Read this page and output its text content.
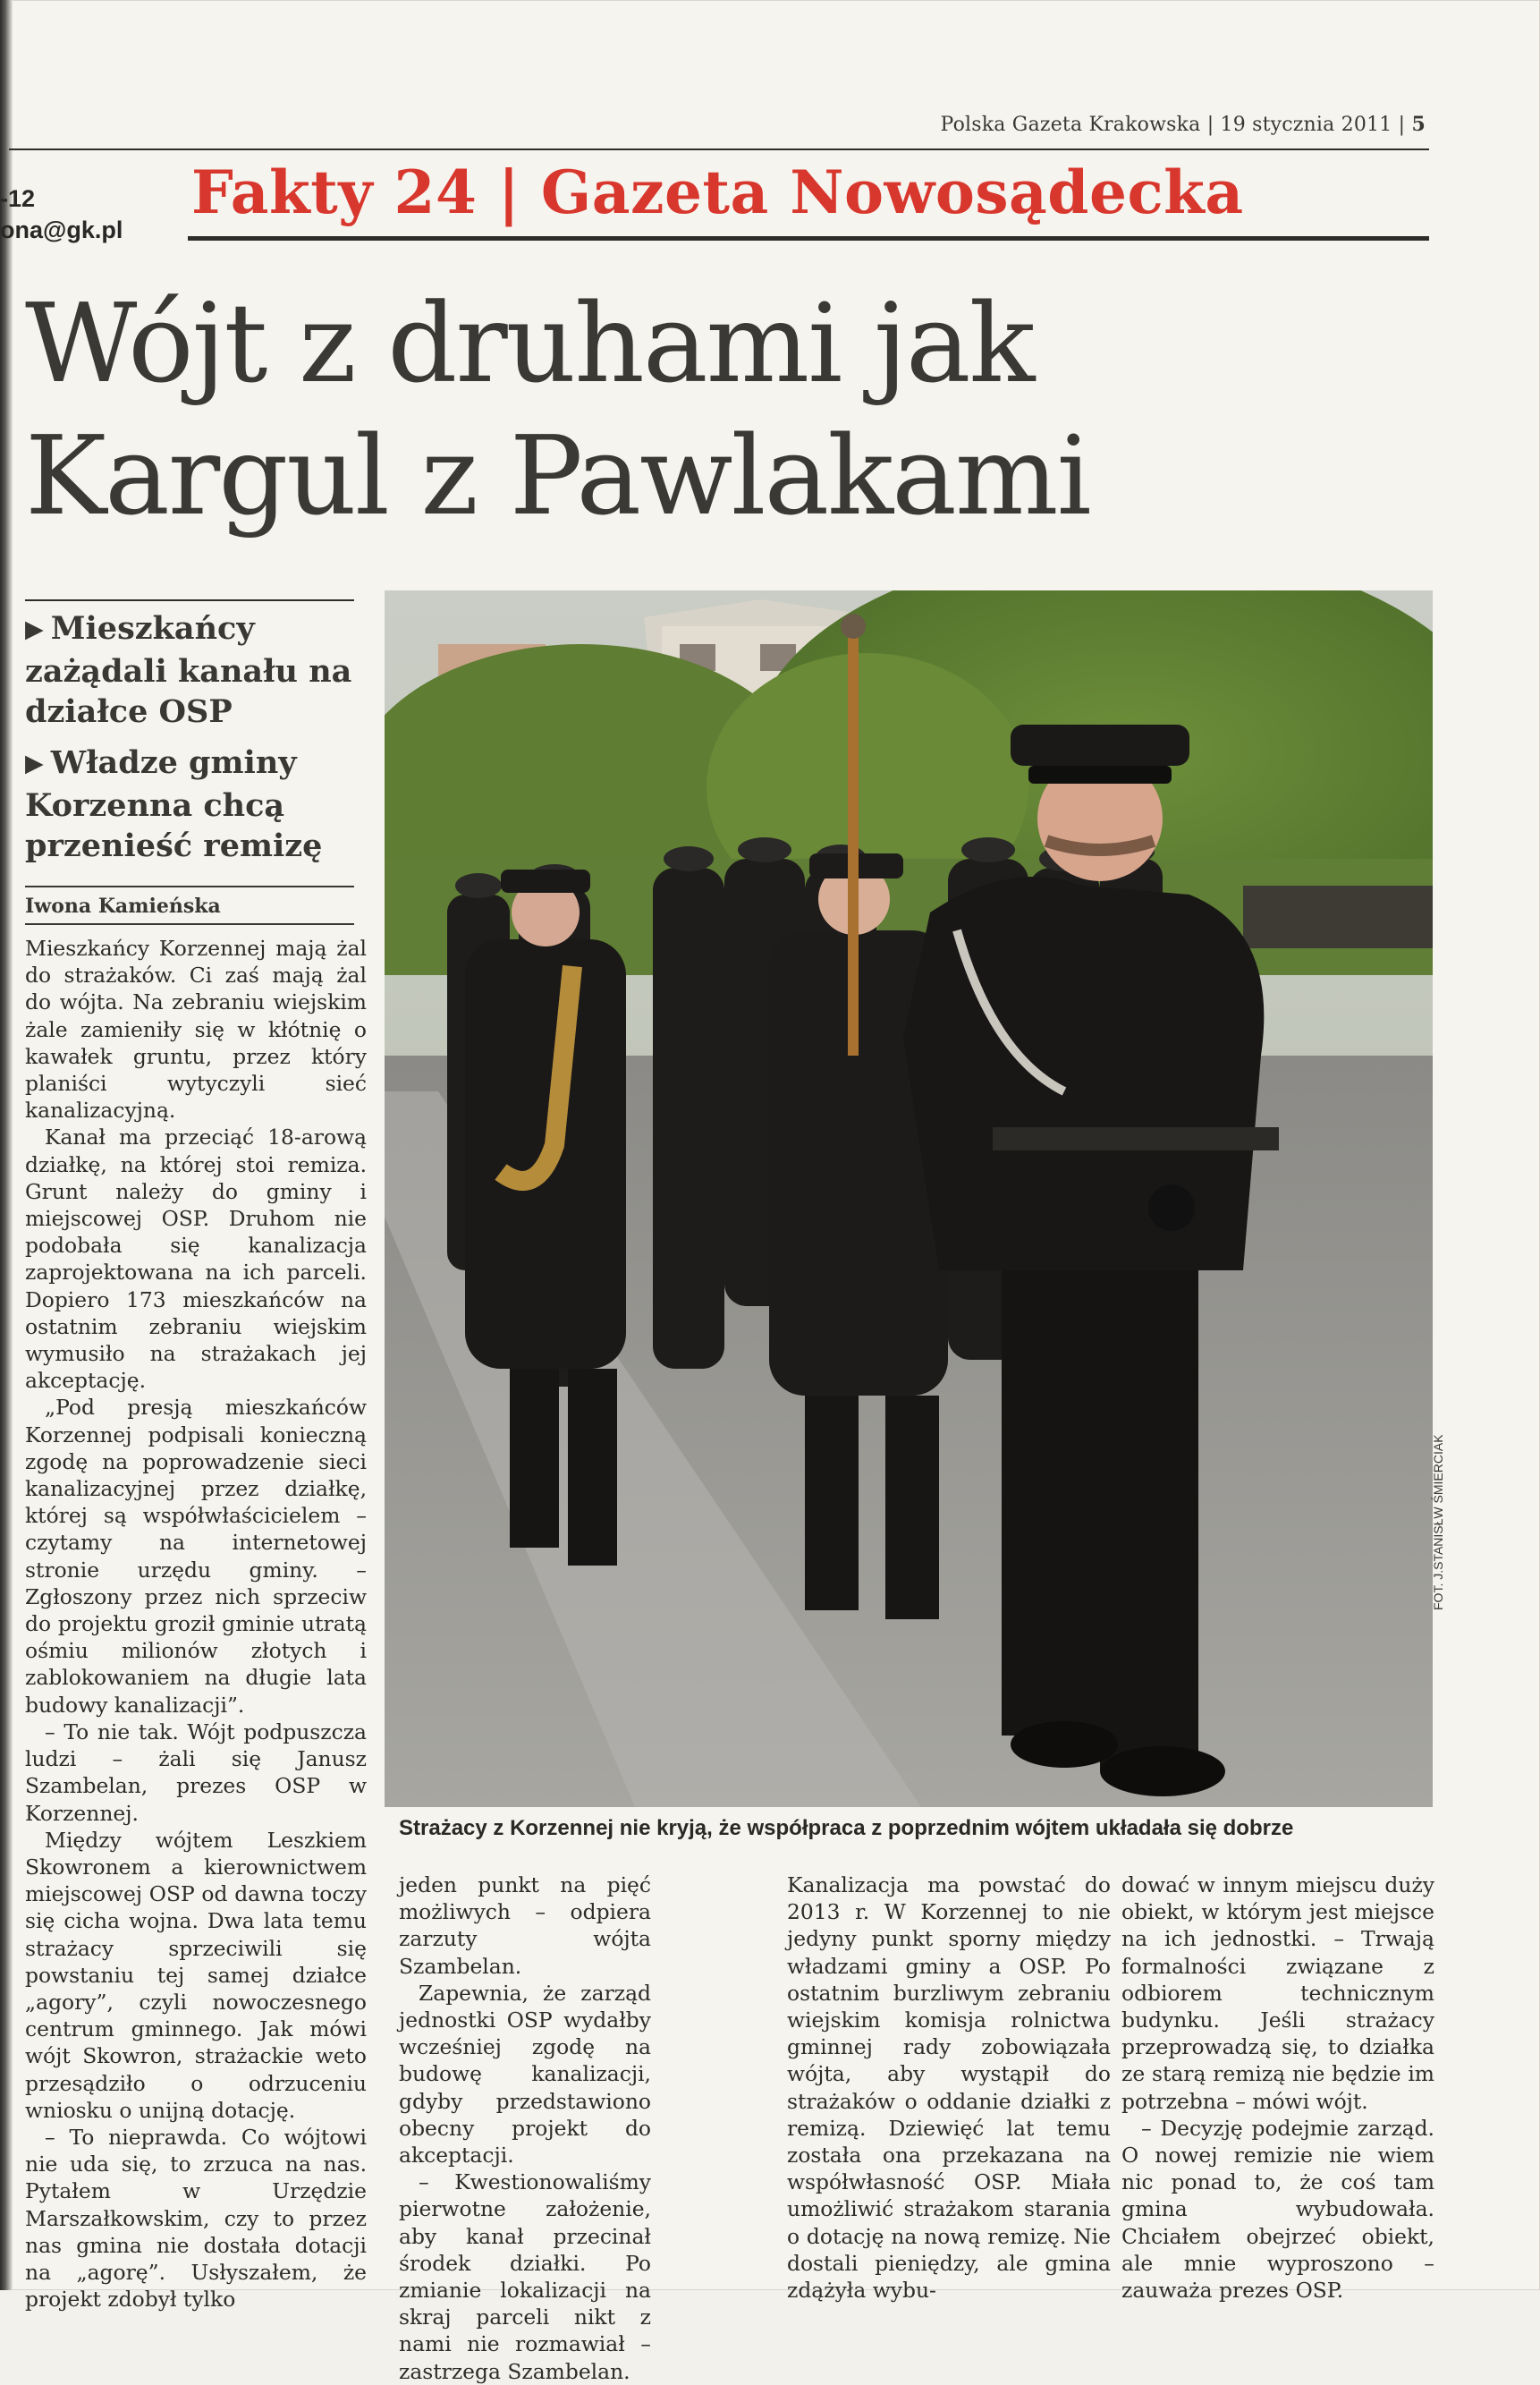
Polska Gazeta Krakowska | 19 stycznia 2011 | 5
-12
ona@gk.pl
Fakty 24 | Gazeta Nowosądecka
Wójt z druhami jak
Kargul z Pawlakami
▶ Mieszkańcy zażądali kanału na działce OSP
▶ Władze gminy Korzenna chcą przenieść remizę
Iwona Kamieńska

Mieszkańcy Korzennej mają żal do strażaków. Ci zaś mają żal do wójta. Na zebraniu wiejskim żale zamieniły się w kłótnię o kawałek gruntu, przez który planiści wytyczyli sieć kanalizacyjną.

Kanał ma przeciąć 18-arową działkę, na której stoi remiza. Grunt należy do gminy i miejscowej OSP. Druhom nie podobała się kanalizacja zaprojektowana na ich parceli. Dopiero 173 mieszkańców na ostatnim zebraniu wiejskim wymusiło na strażakach jej akceptację.

„Pod presją mieszkańców Korzennej podpisali konieczną zgodę na poprowadzenie sieci kanalizacyjnej przez działkę, której są współwłaścicielem – czytamy na internetowej stronie urzędu gminy. – Zgłoszony przez nich sprzeciw do projektu groził gminie utratą ośmiu milionów złotych i zablokowaniem na długie lata budowy kanalizacji”.

– To nie tak. Wójt podpuszcza ludzi – żali się Janusz Szambelan, prezes OSP w Korzennej.

Między wójtem Leszkiem Skowronem a kierownictwem miejscowej OSP od dawna toczy się cicha wojna. Dwa lata temu strażacy sprzeciwili się powstaniu tej samej działce „agory”, czyli nowoczesnego centrum gminnego. Jak mówi wójt Skowron, strażackie weto przesądziło o odrzuceniu wniosku o unijną dotację.

– To nieprawda. Co wójtowi nie uda się, to zrzuca na nas. Pytałem w Urzędzie Marszałkowskim, czy to przez nas gmina nie dostała dotacji na „agorę”. Usłyszałem, że projekt zdobył tylko

FOT. J.STANISŁW ŚMIERCIAK
Strażacy z Korzennej nie kryją, że współpraca z poprzednim wójtem układała się dobrze

jeden punkt na pięć możliwych – odpiera zarzuty wójta Szambelan.

Zapewnia, że zarząd jednostki OSP wydałby wcześniej zgodę na budowę kanalizacji, gdyby przedstawiono obecny projekt do akceptacji.

– Kwestionowaliśmy pierwotne założenie, aby kanał przecinał środek działki. Po zmianie lokalizacji na skraj parceli nikt z nami nie rozmawiał – zastrzega Szambelan.

Kanalizacja ma powstać do 2013 r. W Korzennej to nie jedyny punkt sporny między władzami gminy a OSP. Po ostatnim burzliwym zebraniu wiejskim komisja rolnictwa gminnej rady zobowiązała wójta, aby wystąpił do strażaków o oddanie działki z remizą. Dziewięć lat temu została ona przekazana na współwłasność OSP. Miała umożliwić strażakom starania o dotację na nową remizę. Nie dostali pieniędzy, ale gmina zdążyła wybu-

dować w innym miejscu duży obiekt, w którym jest miejsce na ich jednostki. – Trwają formalności związane z odbiorem technicznym budynku. Jeśli strażacy przeprowadzą się, to działka ze starą remizą nie będzie im potrzebna – mówi wójt.

– Decyzję podejmie zarząd. O nowej remizie nie wiem nic ponad to, że coś tam gmina wybudowała. Chciałem obejrzeć obiekt, ale mnie wyproszono – zauważa prezes OSP.
